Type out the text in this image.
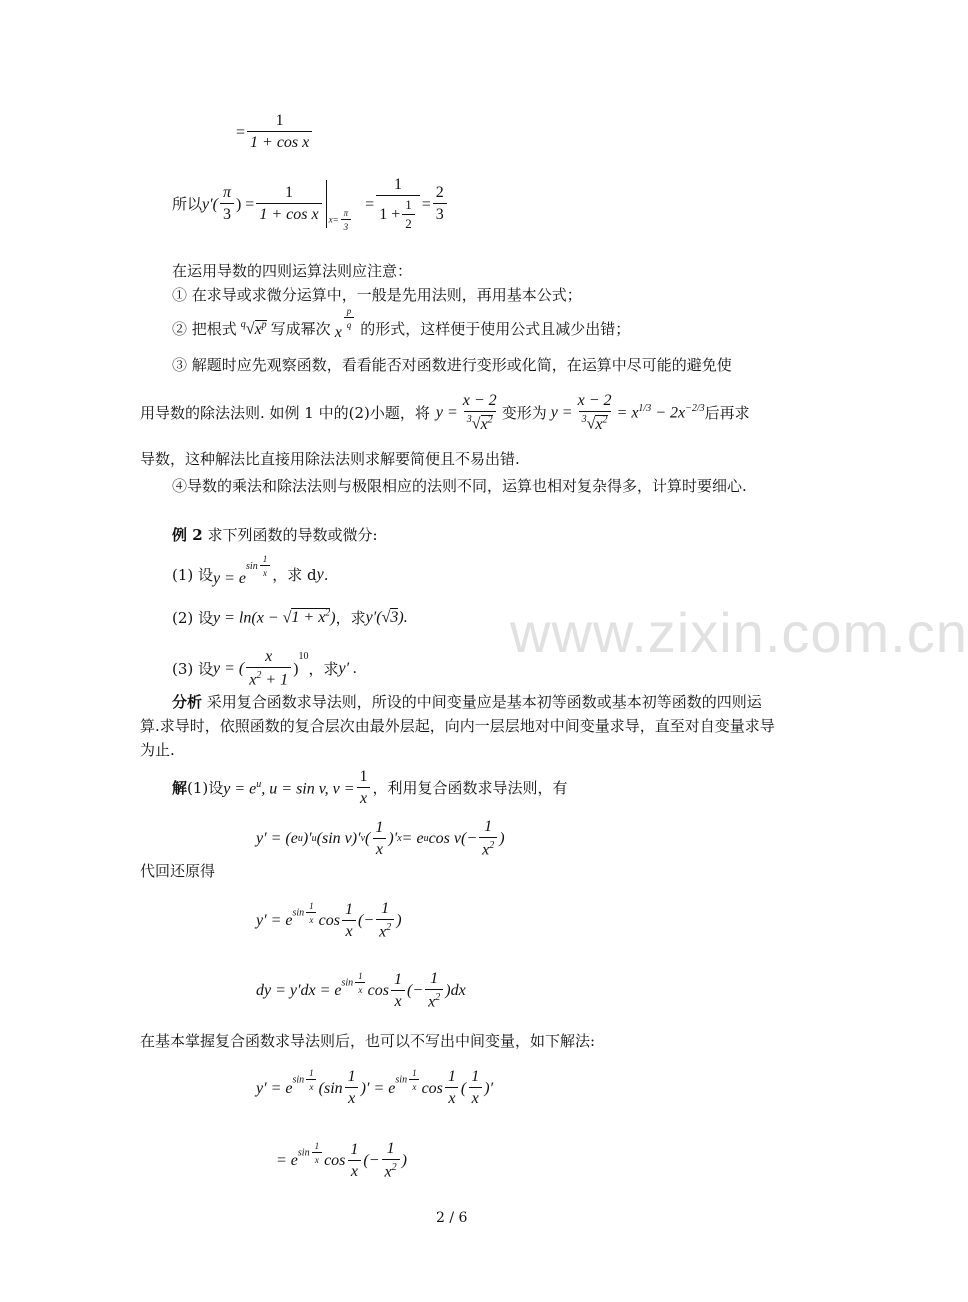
www.zixin.com.cn
= $\frac{1}{\text{1 + cos x}}$
所以 $y'( \frac{\pi}{3}$ ) = $\frac{1}{\text{1 + cos x}} x= \frac{\pi}{3}$
= $\frac{1}{1 + \frac{1}{2}} = \frac{2}{3}$
在运用导数的四则运算法则应注意：
① 在求导或求微分运算中，一般是先用法则，再用基本公式；
② 把根式 $^q√x^p$ 写成幂次 x
$^{\frac{p}{q}}$ 的形式，这样便于使用公式且减少出错；
③ 解题时应先观察函数，看看能否对函数进行变形或化简，在运算中尽可能的避免使
用导数的除法法则. 如例 1 中的(2)小题，将 $y = \frac{x - 2}{^3√x^2}$ 变形为 $y = \frac{x - 2}{^3√x^2} = x^{1/3} - 2x^{-2/3}$ 后再求
导数，这种解法比直接用除法法则求解要简便且不易出错.
④导数的乘法和除法法则与极限相应的法则不同，运算也相对复杂得多，计算时要细心.
例 2 求下列函数的导数或微分:
(1) 设 $y = e^{sin \frac{1}{x}}$ ，求 d y .
(2) 设 $y = \ln(x - √1 + x^2)$ ，求 y′(√3).
(3) 设 y = ( $\frac{x}{x^2 + 1} )^{10}$
，求 y′ .
分析 采用复合函数求导法则，所设的中间变量应是基本初等函数或基本初等函数的四则运算.求导时，依照函数的复合层次由最外层起，向内一层层地对中间变量求导，直至对自变量求导为止.
解 (1)设 $y = e^u$, u = sin v, $v = \frac{1}{x}$ ，利用复合函数求导法则，有
y′ = (e u )′ u (sin v)′ v ( $\frac{1}{x}$ )′ x = e u $\cos v(- \frac{1}{x^2}$ )
代回还原得
$y' = e^{sin \frac{1}{x}}$ $\cos \frac{1}{x}$ (− $\frac{1}{x^2}$ )
dy = $y'dx = e^{sin \frac{1}{x}}$ $\cos \frac{1}{x}$ (− $\frac{1}{x^2} )dx$
在基本掌握复合函数求导法则后，也可以不写出中间变量，如下解法:
$y' = e^{sin \frac{1}{x}}$ ($\sin \frac{1}{x}$ )′ = $e^{sin \frac{1}{x}}$ $\cos \frac{1}{x}$ ( $\frac{1}{x}$ )′
= $e^{sin \frac{1}{x}}$ $\cos \frac{1}{x}$ (− $\frac{1}{x^2}$ )
2 / 6
